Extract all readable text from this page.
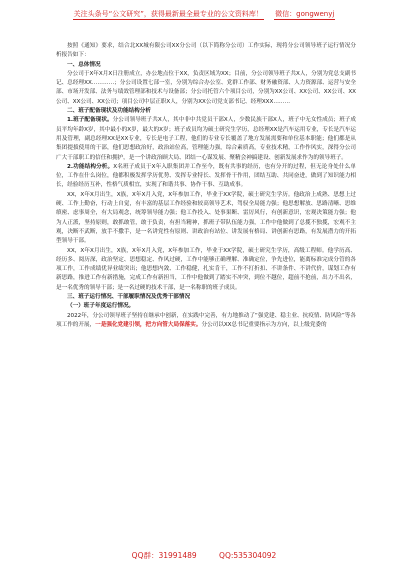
关注头条号“公文研究”，获得最新最全最专业的公文资料库！ 微信：gongwenyj

按照《通知》要求，结合北XX城有限公司XX分公司（以下简称分公司）工作实际，现将分公司领导班子运行情况分析报告如下：

一、总体情况

分公司于X年X月X日注册成立，办公地点位于XX，负责区域为XX；目前，分公司领导班子共X人，分别为党总支副书记、总经理XX…………；分公司设置七部一室，分别为综合办公室、党群工作部、财务融资部、人力资源部、运营与安全部、市场开发部、法务与绩效管理部和技术与设备部；分公司托管六个项目公司，分别为XX公司、XX公司、XX公司、XX公司、XX公司、XX公司；项目公司中层正职X人，分别为XX公司党支部书记、经理XXX………

二、班子配备现状及功能结构分析

1.班子配备现状。分公司领导班子共X人，其中非中共党员干部X人，少数民族干部X人，班子中无女性成员；班子成员平均年龄X岁，其中最小的X岁，最大的X岁；班子成员均为硕士研究生学历，总经理XX是汽车运用专业，专长是汽车运用及管理，副总经理XX是XX专业，专长是电子工程，他们的专业专长覆盖了地方发展需要和单位基本职能；他们都是从集团提拔使用的干部，他们思想政治好，政治站位高，管理能力强，综合素质高，专业技术精，工作作风实，深得分公司广大干部职工的信任和拥护，是一个讲政治顾大局、团结一心谋发展、聚精会神搞建设、创新发展求作为的领导班子。

2.功能结构分析。X名班子成员于X年入职集团并工作至今，既有共事的经历，也有分开的过程，但无论身处什么单位，工作在什么岗位，他都积极发挥学历优势、发挥专业特长、发挥骨干作用，团结互助、共同奋进，做到了知识能力相长，经验经历互补，性格气质相宜，实现了和谐共事、协作干事、互助成事。

XX，X年X月出生，X族，X年X月入党，X年参加工作，毕业于XX学院，硕士研究生学历。他政治上成熟、思想上过硬、工作上勤奋，行动上自觉，有丰富的基层工作经验和较高领导艺术，驾驭全局能力强；他思想解放、思路清晰、思维缜密、虑事周全，有大局观念，统筹领导能力强；他工作投入、处事果断、雷厉风行，有创新意识，宏观决策能力强；他为人正派，坚持原则，敢抓敢管，敢于负责，有担当精神，抓班子带队伍能力强，工作中他做到了总揽不独揽，宏观不主观，决断不武断，放手不撒手，是一名讲党性有原则、讲政治有站位、讲发展有格局、讲创新有思路，有发展潜力的开拓型领导干部。

XX，X年X月出生，X族，X年X月入党，X年参加工作，毕业于XX学院，硕士研究生学历，高级工程师。他学历高、经历多、阅历深，政治坚定、思想稳定、作风过硬，工作中能够正确理解、准确定位，争先进位，能离标准完成分管的各项工作，工作成绩优异业绩突出；他思想内敛、工作稳健，扎实肯干，工作不打折扣、不讲条件、不讲代价，谋划工作有新思路，推进工作有新措施，完成工作有新担当，工作中他做到了踏实不冲突，到位不越位，超前不抢前，出力不出名，是一名优秀的领导干部；是一名过硬的技术干部，是一名称职的班子成员。

三、班子运行情况、干部履职情况及优秀干部情况

（一）班子年度运行情况。

2022年，分公司领导班子坚持在继承中创新，在实践中完善，有力地推动了“强党建、稳主业、抗疫情、防风险”等各项工作的开展，一是强化党建引领，把方向管大局保落实。分公司以XX总书记重要指示为方向，以上级党委的

QQ群：31991489	QQ:535304092
